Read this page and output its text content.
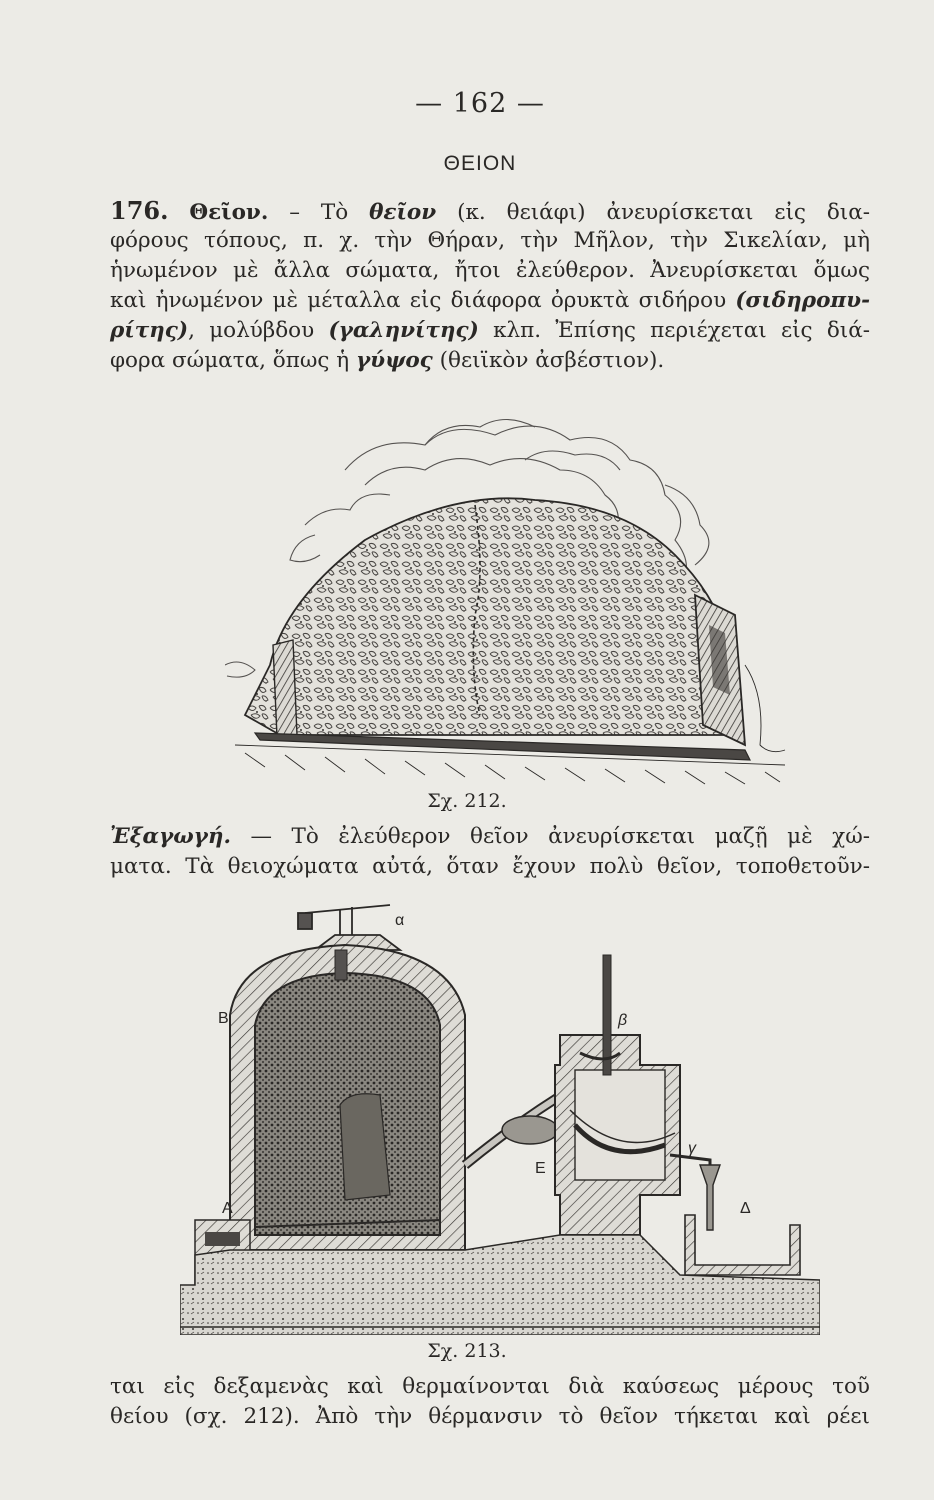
— 162 —
ΘΕΙΟΝ
176. Θεῖον. – Τὸ θεῖον (κ. θειάφι) ἀνευρίσκεται εἰς δια-
φόρους τόπους, π. χ. τὴν Θήραν, τὴν Μῆλον, τὴν Σικελίαν, μὴ
ἡνωμένον μὲ ἄλλα σώματα, ἤτοι ἐλεύθερον. Ἀνευρίσκεται ὅμως
καὶ ἡνωμένον μὲ μέταλλα εἰς διάφορα ὀρυκτὰ σιδήρου (σιδηροπυ-
ρίτης), μολύβδου (γαληνίτης) κλπ. Ἐπίσης περιέχεται εἰς διά-
φορα σώματα, ὅπως ἡ γύψος (θειϊκὸν ἀσβέστιον).
Σχ. 212.
Ἐξαγωγή. — Τὸ ἐλεύθερον θεῖον ἀνευρίσκεται μαζῇ μὲ χώ-
ματα. Τὰ θειοχώματα αὐτά, ὅταν ἔχουν πολὺ θεῖον, τοποθετοῦν-
α
Β	β
γ
Α
Ε
Δ
Σχ. 213.
ται εἰς δεξαμενὰς καὶ θερμαίνονται διὰ καύσεως μέρους τοῦ
θείου (σχ. 212). Ἀπὸ τὴν θέρμανσιν τὸ θεῖον τήκεται καὶ ρέει
